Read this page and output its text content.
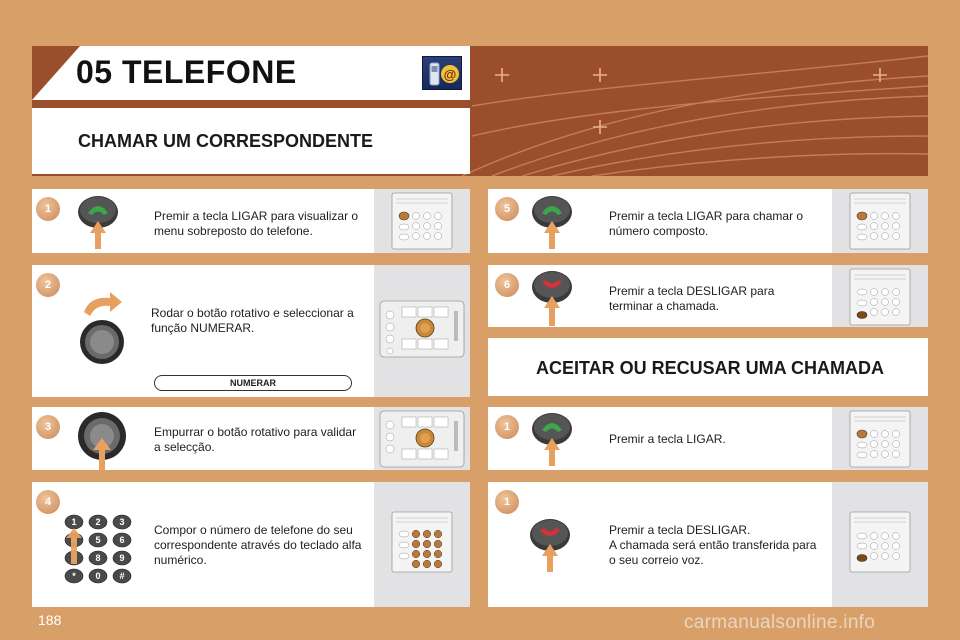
05 TELEFONE	@
CHAMAR UM CORRESPONDENTE
1	Premir a tecla LIGAR para visualizar o
menu sobreposto do telefone.
2
Rodar o botão rotativo e seleccionar a
função NUMERAR.
NUMERAR
3	Empurrar o botão rotativo para validar
a selecção.
4
1 2 3
5 6
8 9
* 0 #
Compor o número de telefone do seu
correspondente através do teclado alfa
numérico.
5	Premir a tecla LIGAR para chamar o
número composto.
6	Premir a tecla DESLIGAR para
terminar a chamada.
ACEITAR OU RECUSAR UMA CHAMADA
1
Premir a tecla LIGAR.
1
Premir a tecla DESLIGAR.
A chamada será então transferida para
o seu correio voz.
188	carmanualsonline.info
